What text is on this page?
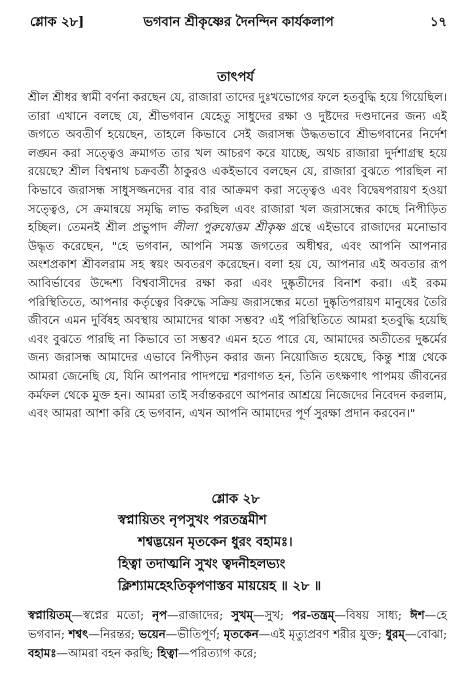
শ্লোক ২৮]	ভগবান শ্রীকৃষ্ণের দৈনন্দিন কার্যকলাপ	১৭
তাৎপর্য

শ্রীল শ্রীধর স্বামী বর্ণনা করছেন যে, রাজারা তাদের দুঃখভোগের ফলে হতবুদ্ধি হয়ে গিয়েছিল। তারা এখানে বলছে যে, শ্রীভগবান যেহেতু সাধুদের রক্ষা ও দুষ্টদের দণ্ডদানের জন্য এই জগতে অবতীর্ণ হয়েছেন, তাহলে কিভাবে সেই জরাসন্ধ উদ্ধতভাবে শ্রীভগবানের নির্দেশ লঙ্ঘন করা সত্ত্বেও ক্রমাগত তার খল আচরণ করে যাচ্ছে, অথচ রাজারা দুর্দশাগ্রস্থ হয়ে রয়েছে? শ্রীল বিশ্বনাথ চক্রবর্তী ঠাকুরও একইভাবে বলছেন যে, রাজারা বুঝতে পারছিল না কিভাবে জরাসন্ধ সাধুসজ্জনদের বার বার আক্রমণ করা সত্ত্বেও এবং বিদ্বেষপরায়ণ হওয়া সত্ত্বেও, সে ক্রমান্বয়ে সমৃদ্ধি লাভ করছিল এবং রাজারা খল জরাসন্ধের কাছে নিপীড়িত হচ্ছিল। তেমনই শ্রীল প্রভুপাদ লীলা পুরুষোত্তম শ্রীকৃষ্ণ গ্রন্থে এইভাবে রাজাদের মনোভাব উদ্ধৃত করেছেন, "হে ভগবান, আপনি সমস্ত জগতের অধীশ্বর, এবং আপনি আপনার অংশপ্রকাশ শ্রীবলরাম সহ স্বয়ং অবতরণ করেছেন। বলা হয় যে, আপনার এই অবতার রূপ আবির্ভাবের উদ্দেশ্য বিশ্ববাসীদের রক্ষা করা এবং দুষ্কৃতীদের বিনাশ করা। এই রকম পরিস্থিতিতে, আপনার কর্তৃত্বের বিরুদ্ধে সক্রিয় জরাসন্ধের মতো দুষ্কৃতিপরায়ণ মানুষের তৈরি জীবনে এমন দুর্বিষহ অবস্থায় আমাদের থাকা সম্ভব? এই পরিস্থিতিতে আমরা হতবুদ্ধি হয়েছি এবং বুঝতে পারছি না কিভাবে তা সম্ভব? এমন হতে পারে যে, আমাদের অতীতের দুষ্কর্মের জন্য জরাসন্ধ আমাদের এভাবে নিপীড়ন করার জন্য নিয়োজিত হয়েছে, কিন্তু শাস্ত্র থেকে আমরা জেনেছি যে, যিনি আপনার পাদপদ্মে শরণাগত হন, তিনি তৎক্ষণাৎ পাপময় জীবনের কর্মফল থেকে মুক্ত হন। আমরা তাই সর্বান্তকরণে আপনার আশ্রয়ে নিজেদের নিবেদন করলাম, এবং আমরা আশা করি হে ভগবান, এখন আপনি আমাদের পূর্ণ সুরক্ষা প্রদান করবেন।"

শ্লোক ২৮
স্বপ্নায়িতং নৃপসুখং পরতন্ত্রমীশ
শশ্বদ্ভয়েন মৃতকেন ধুরং বহামঃ।
হিত্বা তদাত্মনি সুখং ত্বদনীহলভ্যং
ক্লিশ্যামহেঽতিকৃপণাস্তব মায়য়েহ ॥ ২৮ ॥
স্বপ্নায়িতম্—স্বপ্নের মতো; নৃপ—রাজাদের; সুখম্—সুখ; পর-তন্ত্রম্—বিষয় সাধ্য; ঈশ—হে ভগবান; শশ্বৎ—নিরন্তর; ভয়েন—ভীতিপূর্ণ; মৃতকেন—এই মৃত্যুপ্রবণ শরীর যুক্ত; ধুরম্—বোঝা; বহামঃ—আমরা বহন করছি; হিত্বা—পরিত্যাগ করে;
